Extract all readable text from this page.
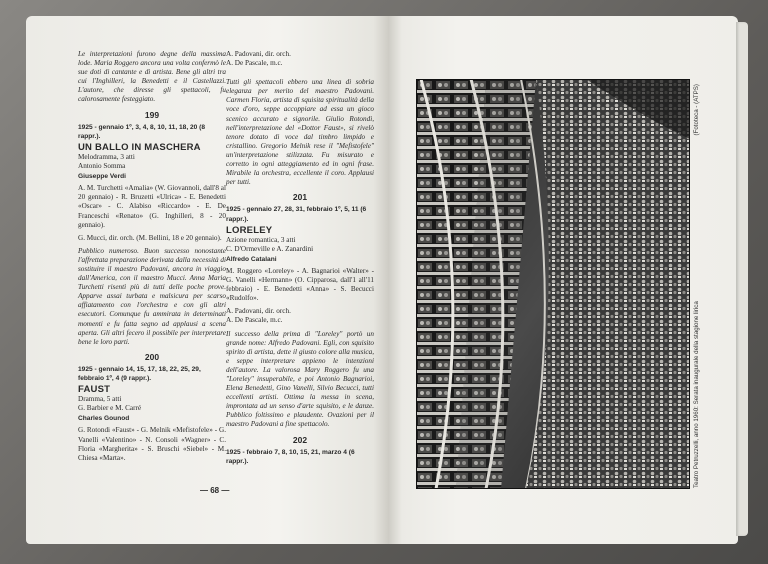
Le interpretazioni furono degne della massima lode. Maria Roggero ancora una volta confermò le sue doti di cantante e di artista. Bene gli altri tra cui l'Inghilleri, la Benedetti e il Castellazzi. L'autore, che diresse gli spettacoli, fu calorosamente festeggiato.

199

1925 - gennaio 1º, 3, 4, 8, 10, 11, 18, 20 (8 rappr.).

UN BALLO IN MASCHERA

Melodramma, 3 atti

Antonio Somma

Giuseppe Verdi

A. M. Turchetti «Amalia» (W. Giovannoli, dall'8 al 20 gennaio) - R. Bruzetti «Ulrica» - E. Benedetti «Oscar» - C. Alabiso «Riccardo» - E. De Franceschi «Renato» (G. Inghilleri, 8 - 20 gennaio).

G. Mucci, dir. orch. (M. Bellini, 18 e 20 gennaio).

Pubblico numeroso. Buon successo nonostante l'affrettata preparazione derivata dalla necessità di sostituire il maestro Padovani, ancora in viaggio dall'America, con il maestro Mucci. Anna Maria Turchetti risentì più di tutti delle poche prove. Apparve assai turbata e malsicura per scarso affiatamento con l'orchestra e con gli altri esecutori. Comunque fu ammirata in determinati momenti e fu fatta segno ad applausi a scena aperta. Gli altri fecero il possibile per interpretare bene le loro parti.

200

1925 - gennaio 14, 15, 17, 18, 22, 25, 29, febbraio 1º, 4 (9 rappr.).

FAUST

Dramma, 5 atti

G. Barbier e M. Carré

Charles Gounod

G. Rotondi «Faust» - G. Melnik «Mefistofele» - G. Vanelli «Valentino» - N. Consoli «Wagner» - C. Floria «Margherita» - S. Bruschi «Siebel» - M. Chiesa «Marta».

A. Padovani, dir. orch.

A. De Pascale, m.c.

Tutti gli spettacoli ebbero una linea di sobria eleganza per merito del maestro Padovani. Carmen Floria, artista di squisita spiritualità della voce d'oro, seppe accoppiare ad essa un gioco scenico accurato e signorile. Giulio Rotondi, nell'interpretazione del «Dottor Faust», si rivelò tenore dotato di voce dal timbro limpido e cristallino. Gregorio Melnik rese il "Mefistofele" un'interpretazione stilizzata. Fu misurato e corretto in ogni atteggiamento ed in ogni frase. Mirabile la orchestra, eccellente il coro. Applausi per tutti.

201

1925 - gennaio 27, 28, 31, febbraio 1º, 5, 11 (6 rappr.).

LORELEY

Azione romantica, 3 atti

C. D'Ormeville e A. Zanardini

Alfredo Catalani

M. Roggero «Loreley» - A. Bagnarioi «Walter» - G. Vanelli «Hermann» (O. Cipparosa, dall'1 all'11 febbraio) - E. Benedetti «Anna» - S. Becucci «Rudolfo».

A. Padovani, dir. orch.

A. De Pascale, m.c.

Il successo della prima di "Loreley" portò un grande nome: Alfredo Padovani. Egli, con squisito spirito di artista, dette il giusto colore alla musica, e seppe interpretare appieno le intenzioni dell'autore. La valorosa Mary Roggero fu una "Loreley" insuperabile, e poi Antonio Bagnarioi, Elena Benedetti, Gino Vanelli, Silvio Becucci, tutti eccellenti artisti. Ottima la messa in scena, improntata ad un senso d'arte squisito, e le danze. Pubblico foltissimo e plaudente. Ovazioni per il maestro Padovani a fine spettacolo.

202

1925 - febbraio 7, 8, 10, 15, 21, marzo 4 (6 rappr.).

— 68 —
Teatro Petruzzelli, anno 1960: Serata inaugurale della stagione lirica
(Fototeca - (ATPS)
